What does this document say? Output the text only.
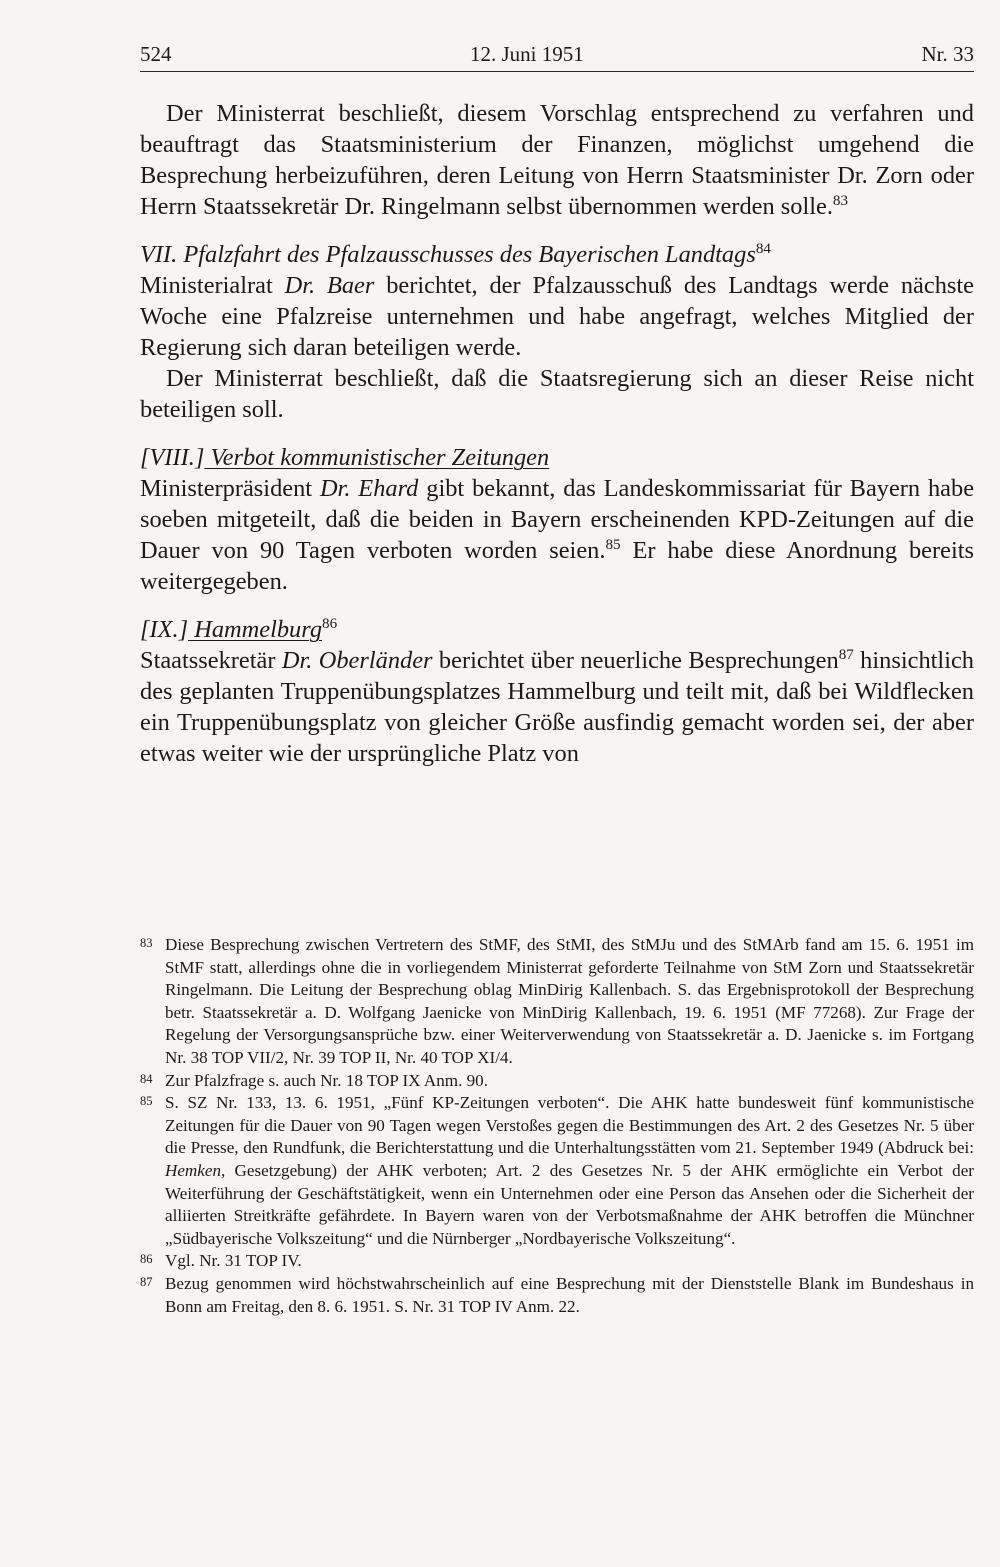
524	12. Juni 1951	Nr. 33

Der Ministerrat beschließt, diesem Vorschlag entsprechend zu verfahren und beauftragt das Staatsministerium der Finanzen, möglichst umgehend die Besprechung herbeizuführen, deren Leitung von Herrn Staatsminister Dr. Zorn oder Herrn Staatssekretär Dr. Ringelmann selbst übernommen werden solle.$^{83}$

VII. Pfalzfahrt des Pfalzausschusses des Bayerischen Landtags$^{84}$

Ministerialrat Dr. Baer berichtet, der Pfalzausschuß des Landtags werde nächste Woche eine Pfalzreise unternehmen und habe angefragt, welches Mitglied der Regierung sich daran beteiligen werde.

Der Ministerrat beschließt, daß die Staatsregierung sich an dieser Reise nicht beteiligen soll.

[VIII.] Verbot kommunistischer Zeitungen

Ministerpräsident Dr. Ehard gibt bekannt, das Landeskommissariat für Bayern habe soeben mitgeteilt, daß die beiden in Bayern erscheinenden KPD-Zeitungen auf die Dauer von 90 Tagen verboten worden seien.$^{85}$ Er habe diese Anordnung bereits weitergegeben.

[IX.] Hammelburg$^{86}$

Staatssekretär Dr. Oberländer berichtet über neuerliche Besprechungen$^{87}$ hinsichtlich des geplanten Truppenübungsplatzes Hammelburg und teilt mit, daß bei Wildflecken ein Truppenübungsplatz von gleicher Größe ausfindig gemacht worden sei, der aber etwas weiter wie der ursprüngliche Platz von

83 Diese Besprechung zwischen Vertretern des StMF, des StMI, des StMJu und des StMArb fand am 15. 6. 1951 im StMF statt, allerdings ohne die in vorliegendem Ministerrat geforderte Teilnahme von StM Zorn und Staatssekretär Ringelmann. Die Leitung der Besprechung oblag MinDirig Kallenbach. S. das Ergebnisprotokoll der Besprechung betr. Staatssekretär a. D. Wolfgang Jaenicke von MinDirig Kallenbach, 19. 6. 1951 (MF 77268). Zur Frage der Regelung der Versorgungsansprüche bzw. einer Weiterverwendung von Staatssekretär a. D. Jaenicke s. im Fortgang Nr. 38 TOP VII/2, Nr. 39 TOP II, Nr. 40 TOP XI/4.

84 Zur Pfalzfrage s. auch Nr. 18 TOP IX Anm. 90.

85 S. SZ Nr. 133, 13. 6. 1951, „Fünf KP-Zeitungen verboten“. Die AHK hatte bundesweit fünf kommunistische Zeitungen für die Dauer von 90 Tagen wegen Verstoßes gegen die Bestimmungen des Art. 2 des Gesetzes Nr. 5 über die Presse, den Rundfunk, die Berichterstattung und die Unterhaltungsstätten vom 21. September 1949 (Abdruck bei: Hemken, Gesetzgebung) der AHK verboten; Art. 2 des Gesetzes Nr. 5 der AHK ermöglichte ein Verbot der Weiterführung der Geschäftstätigkeit, wenn ein Unternehmen oder eine Person das Ansehen oder die Sicherheit der alliierten Streitkräfte gefährdete. In Bayern waren von der Verbotsmaßnahme der AHK betroffen die Münchner „Südbayerische Volkszeitung“ und die Nürnberger „Nordbayerische Volkszeitung“.

86 Vgl. Nr. 31 TOP IV.

87 Bezug genommen wird höchstwahrscheinlich auf eine Besprechung mit der Dienststelle Blank im Bundeshaus in Bonn am Freitag, den 8. 6. 1951. S. Nr. 31 TOP IV Anm. 22.
